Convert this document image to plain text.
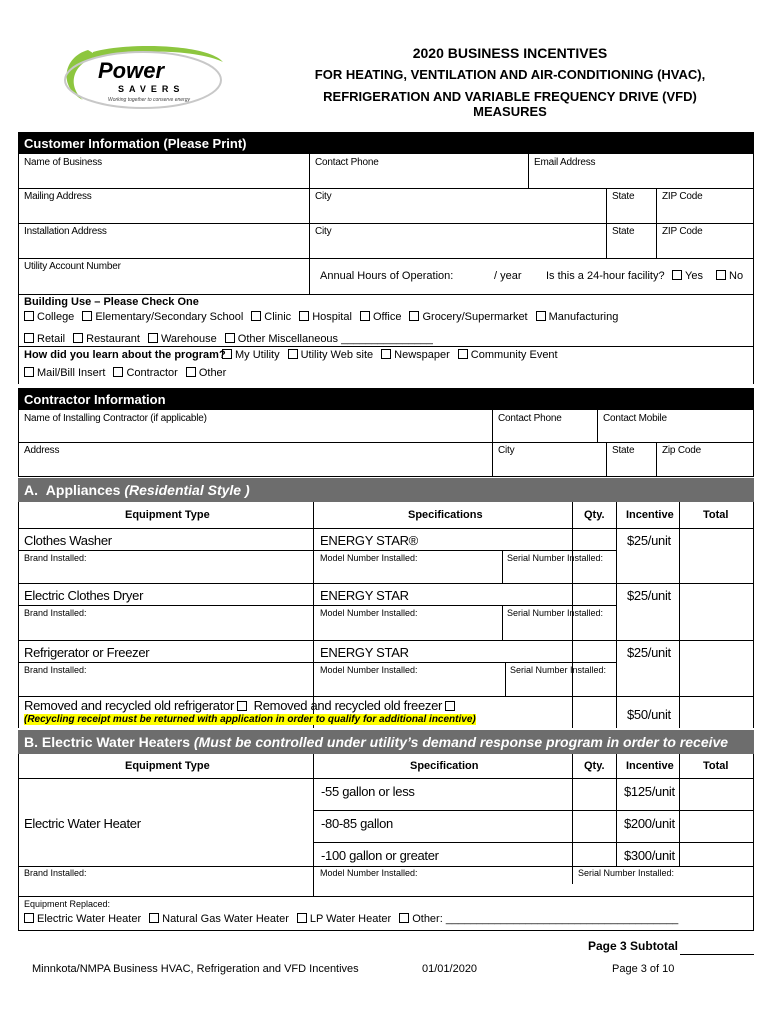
Power
SAVERS
Working together to conserve energy
2020 BUSINESS INCENTIVES
FOR HEATING, VENTILATION AND AIR-CONDITIONING (HVAC),
REFRIGERATION AND VARIABLE FREQUENCY DRIVE (VFD) MEASURES
Customer Information (Please Print)
Name of Business	Contact Phone	Email Address
Mailing Address	City	State	ZIP Code
Installation Address	City	State	ZIP Code
Utility Account Number
Annual Hours of Operation:	/ year Is this a 24-hour facility?	Yes	No
Building Use – Please Check One
College Elementary/Secondary School Clinic Hospital Office Grocery/Supermarket Manufacturing
Retail Restaurant Warehouse Other Miscellaneous _______________
How did you learn about the program? My Utility Utility Web site Newspaper Community Event
Mail/Bill Insert Contractor Other
Contractor Information
Name of Installing Contractor (if applicable)	Contact Phone	Contact Mobile
Address	City	State	Zip Code
A. Appliances (Residential Style )
Equipment Type	Specifications	Qty. Incentive	Total
Clothes Washer	ENERGY STAR®	$25/unit
Brand Installed:	Model Number Installed:	Serial Number Installed:
Electric Clothes Dryer	ENERGY STAR	$25/unit
Brand Installed:	Model Number Installed:	Serial Number Installed:
Refrigerator or Freezer	ENERGY STAR	$25/unit
Brand Installed:	Model Number Installed:	Serial Number Installed:
Removed and recycled old refrigerator Removed and recycled old freezer
(Recycling receipt must be returned with application in order to qualify for additional incentive)	$50/unit
B. Electric Water Heaters (Must be controlled under utility’s demand response program in order to receive rebate)	Equipment Type	Specification	Qty. Incentive	Total
Electric Water Heater
-55 gallon or less	$125/unit
-80-85 gallon	$200/unit
-100 gallon or greater	$300/unit
Brand Installed:	Model Number Installed:	Serial Number Installed:
Equipment Replaced:
Electric Water Heater Natural Gas Water Heater LP Water Heater Other: ______________________________________
Page 3 Subtotal
Minnkota/NMPA Business HVAC, Refrigeration and VFD Incentives	01/01/2020	Page 3 of 10
